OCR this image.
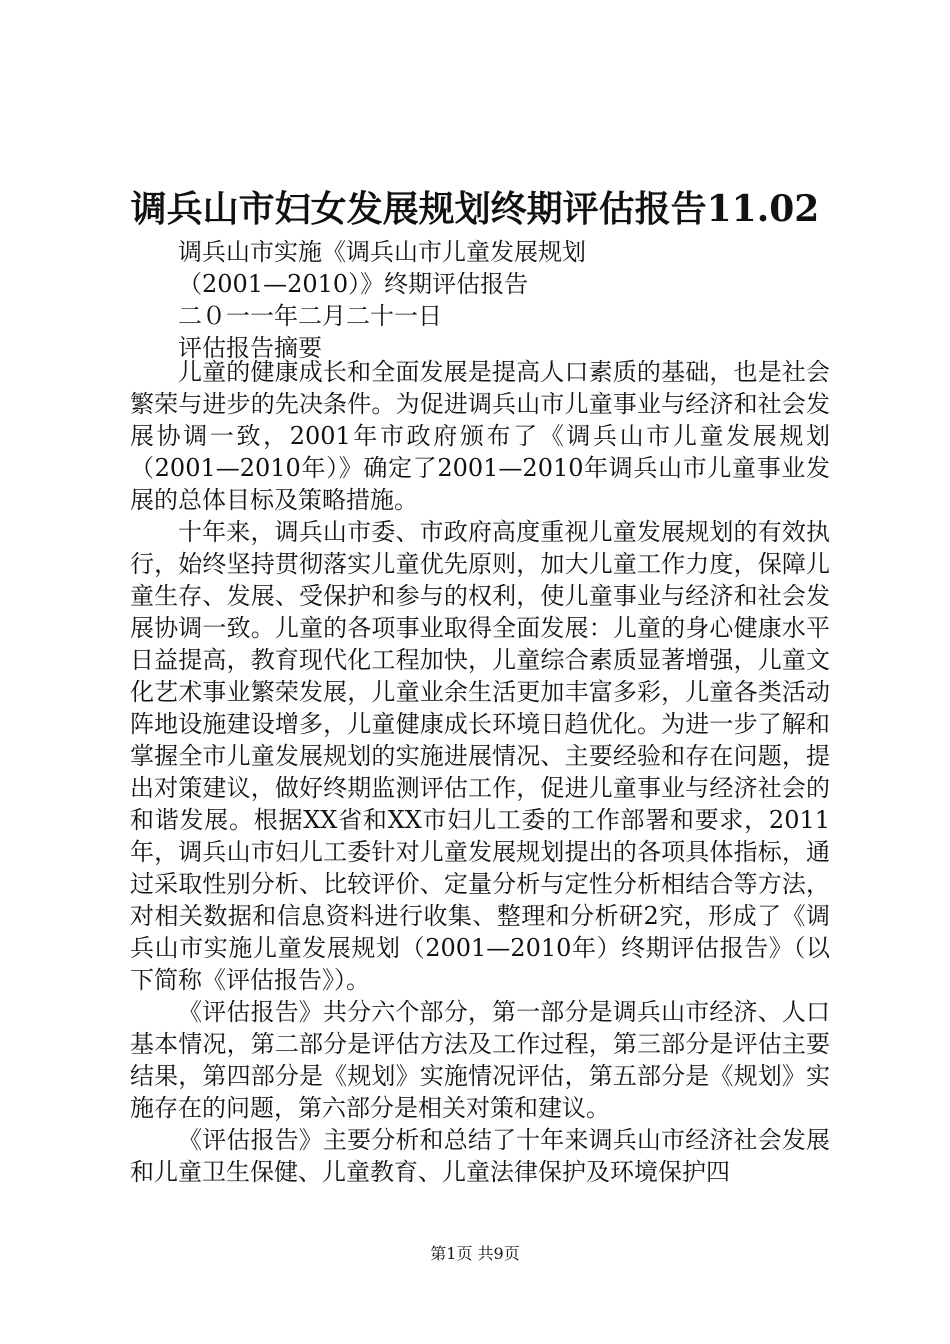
调兵山市妇女发展规划终期评估报告11.02
调兵山市实施《调兵山市儿童发展规划
（2001—2010）》终期评估报告
二０一一年二月二十一日
评估报告摘要

儿童的健康成长和全面发展是提高人口素质的基础，也是社会繁荣与进步的先决条件。为促进调兵山市儿童事业与经济和社会发展协调一致，2001年市政府颁布了《调兵山市儿童发展规划（2001—2010年）》确定了2001—2010年调兵山市儿童事业发展的总体目标及策略措施。

十年来，调兵山市委、市政府高度重视儿童发展规划的有效执行，始终坚持贯彻落实儿童优先原则，加大儿童工作力度，保障儿童生存、发展、受保护和参与的权利，使儿童事业与经济和社会发展协调一致。儿童的各项事业取得全面发展：儿童的身心健康水平日益提高，教育现代化工程加快，儿童综合素质显著增强，儿童文化艺术事业繁荣发展，儿童业余生活更加丰富多彩，儿童各类活动阵地设施建设增多，儿童健康成长环境日趋优化。为进一步了解和掌握全市儿童发展规划的实施进展情况、主要经验和存在问题，提出对策建议，做好终期监测评估工作，促进儿童事业与经济社会的和谐发展。根据XX省和XX市妇儿工委的工作部署和要求，2011年，调兵山市妇儿工委针对儿童发展规划提出的各项具体指标，通过采取性别分析、比较评价、定量分析与定性分析相结合等方法，对相关数据和信息资料进行收集、整理和分析研2究，形成了《调兵山市实施儿童发展规划（2001—2010年）终期评估报告》（以下简称《评估报告》）。

《评估报告》共分六个部分，第一部分是调兵山市经济、人口基本情况，第二部分是评估方法及工作过程，第三部分是评估主要结果，第四部分是《规划》实施情况评估，第五部分是《规划》实施存在的问题，第六部分是相关对策和建议。

《评估报告》主要分析和总结了十年来调兵山市经济社会发展和儿童卫生保健、儿童教育、儿童法律保护及环境保护四

第1页 共9页
